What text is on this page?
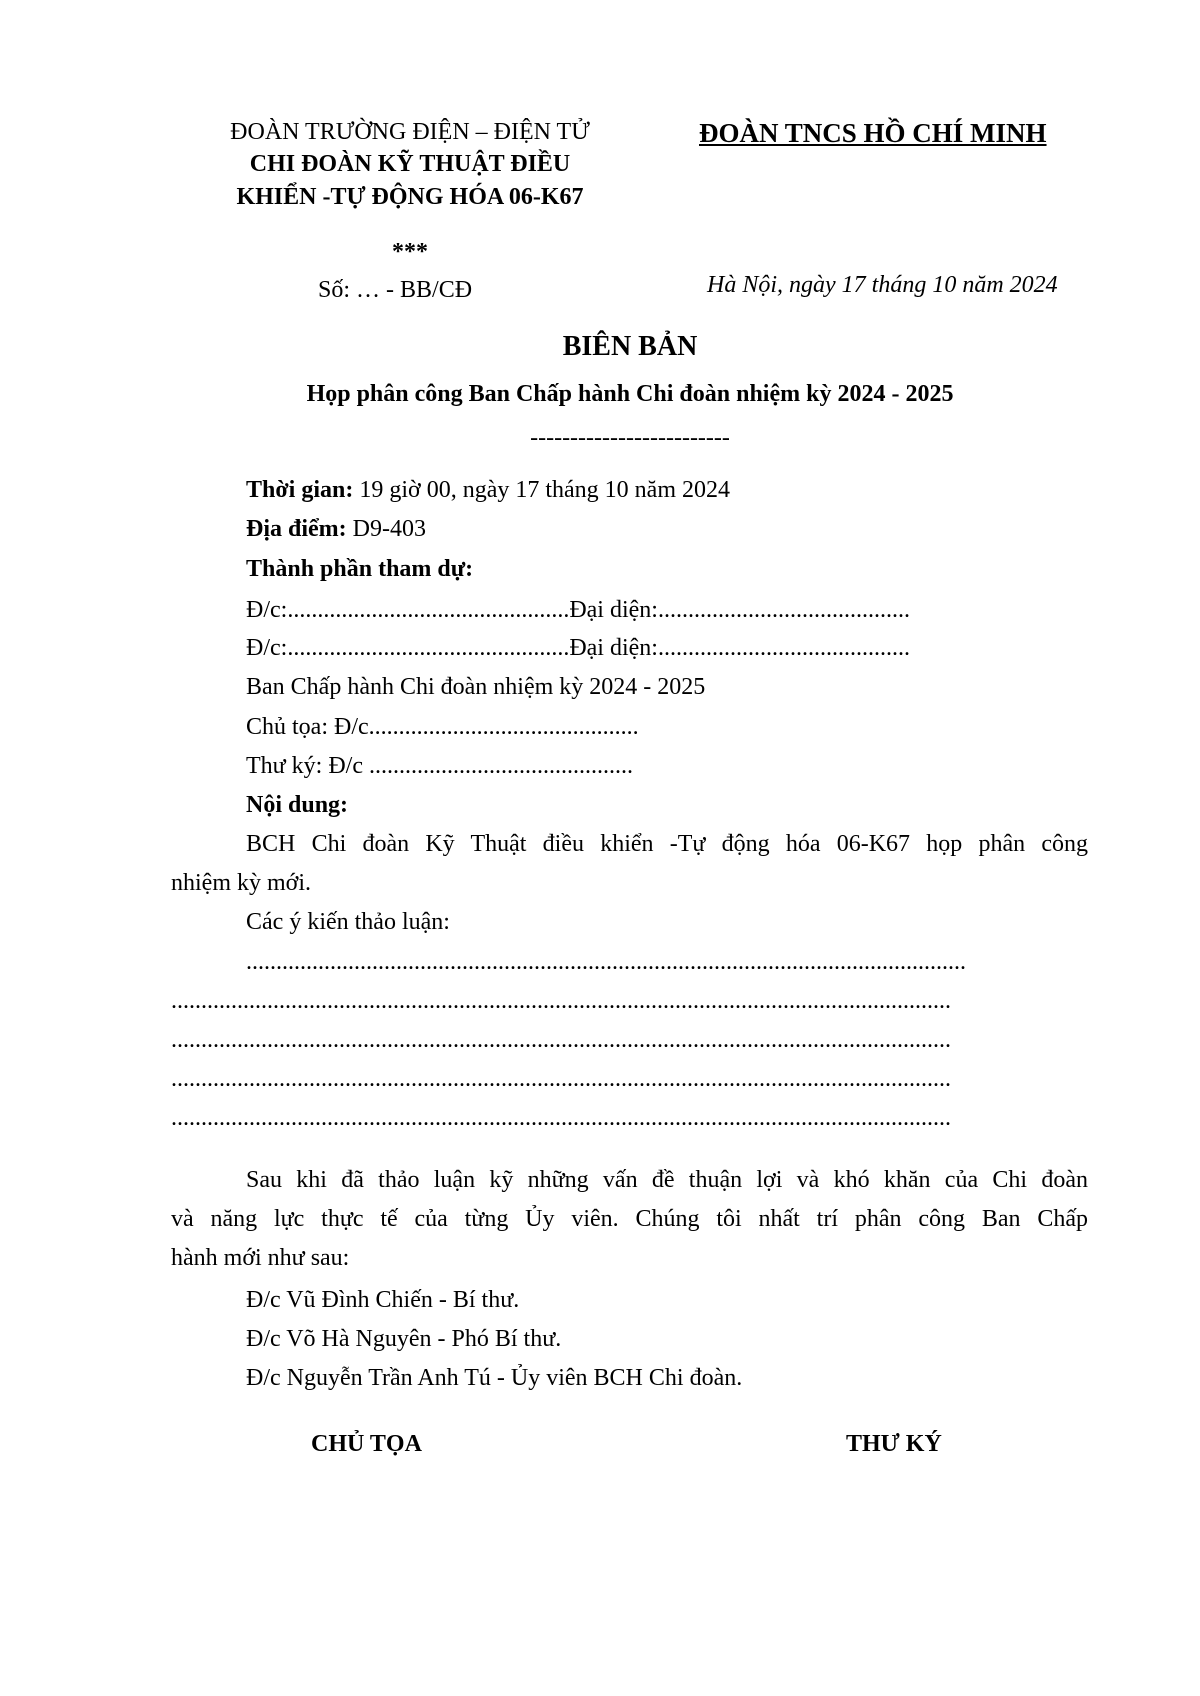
ĐOÀN TRƯỜNG ĐIỆN – ĐIỆN TỬ
CHI ĐOÀN KỸ THUẬT ĐIỀU
KHIỂN -TỰ ĐỘNG HÓA 06-K67
***
Số: … - BB/CĐ
ĐOÀN TNCS HỒ CHÍ MINH
Hà Nội, ngày 17 tháng 10 năm 2024
BIÊN BẢN
Họp phân công Ban Chấp hành Chi đoàn nhiệm kỳ 2024 - 2025
-------------------------
Thời gian: 19 giờ 00, ngày 17 tháng 10 năm 2024
Địa điểm: D9-403
Thành phần tham dự:
Đ/c:...............................................Đại diện:..........................................
Đ/c:...............................................Đại diện:..........................................
Ban Chấp hành Chi đoàn nhiệm kỳ 2024 - 2025
Chủ tọa: Đ/c.............................................
Thư ký: Đ/c ............................................
Nội dung:
BCH Chi đoàn Kỹ Thuật điều khiển -Tự động hóa 06-K67 họp phân công
nhiệm kỳ mới.
Các ý kiến thảo luận:
........................................................................................................................
..................................................................................................................................
..................................................................................................................................
..................................................................................................................................
..................................................................................................................................
Sau khi đã thảo luận kỹ những vấn đề thuận lợi và khó khăn của Chi đoàn
và năng lực thực tế của từng Ủy viên. Chúng tôi nhất trí phân công Ban Chấp
hành mới như sau:
Đ/c Vũ Đình Chiến - Bí thư.
Đ/c Võ Hà Nguyên - Phó Bí thư.
Đ/c Nguyễn Trần Anh Tú - Ủy viên BCH Chi đoàn.
CHỦ TỌA	THƯ KÝ
